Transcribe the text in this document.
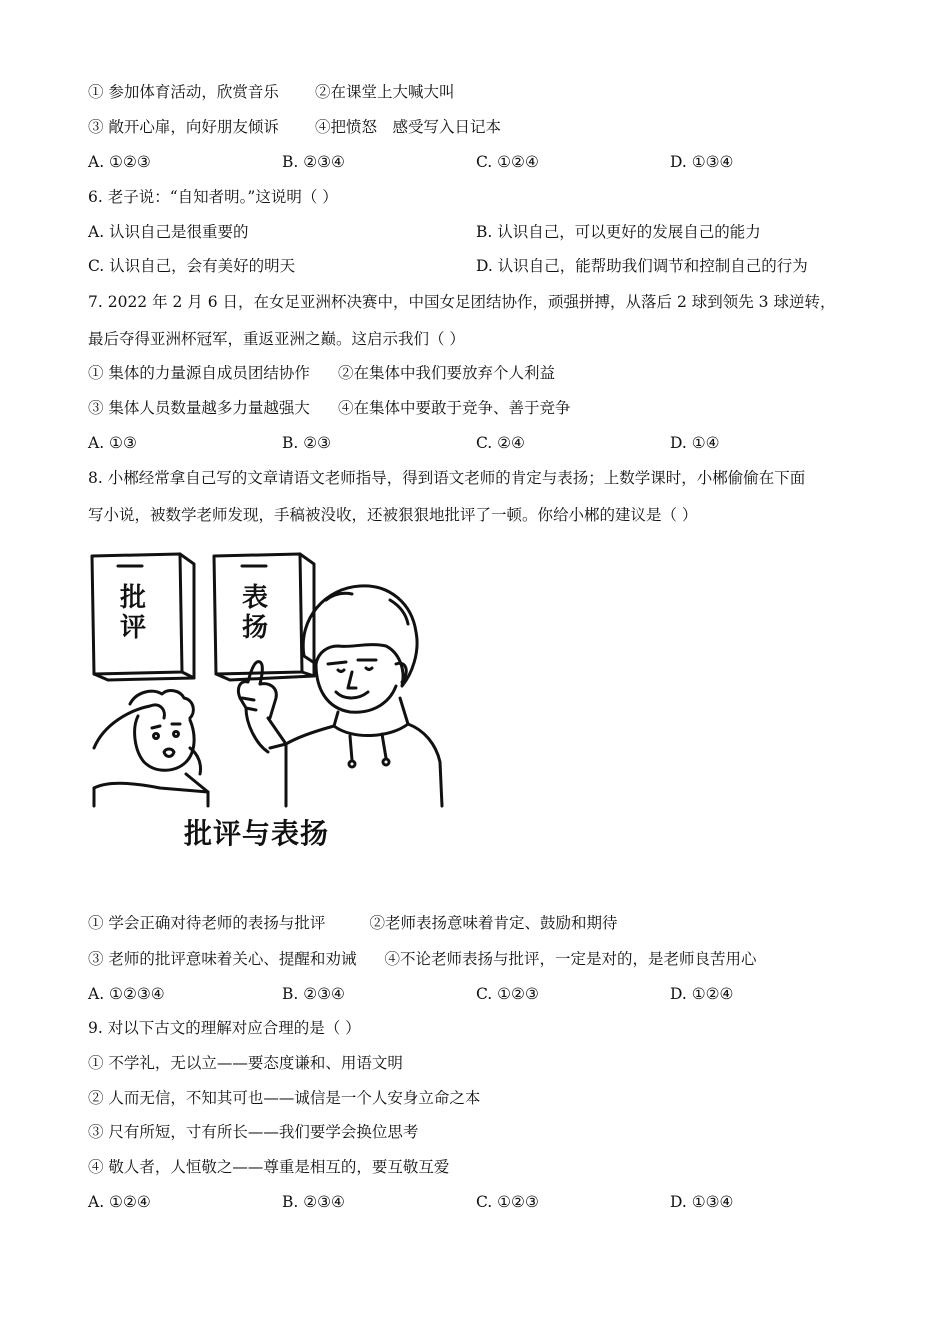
① 参加体育活动，欣赏音乐 ②在课堂上大喊大叫
③ 敞开心扉，向好朋友倾诉 ④把愤怒　感受写入日记本
A. ①②③	B. ②③④	C. ①②④	D. ①③④
6. 老子说：“自知者明。”这说明（ ）
A. 认识自己是很重要的	B. 认识自己，可以更好的发展自己的能力
C. 认识自己，会有美好的明天	D. 认识自己，能帮助我们调节和控制自己的行为
7. 2022 年 2 月 6 日，在女足亚洲杯决赛中，中国女足团结协作，顽强拼搏，从落后 2 球到领先 3 球逆转，
最后夺得亚洲杯冠军，重返亚洲之巅。这启示我们（ ）
① 集体的力量源自成员团结协作 ②在集体中我们要放弃个人利益
③ 集体人员数量越多力量越强大 ④在集体中要敢于竞争、善于竞争
A. ①③	B. ②③	C. ②④	D. ①④
8. 小郴经常拿自己写的文章请语文老师指导，得到语文老师的肯定与表扬；上数学课时，小郴偷偷在下面
写小说，被数学老师发现，手稿被没收，还被狠狠地批评了一顿。你给小郴的建议是（ ）
批
评
表
扬
批评与表扬
① 学会正确对待老师的表扬与批评	②老师表扬意味着肯定、鼓励和期待
③ 老师的批评意味着关心、提醒和劝诫 ④不论老师表扬与批评，一定是对的，是老师良苦用心
A. ①②③④	B. ②③④	C. ①②③	D. ①②④
9. 对以下古文的理解对应合理的是（ ）
① 不学礼，无以立——要态度谦和、用语文明
② 人而无信，不知其可也——诚信是一个人安身立命之本
③ 尺有所短，寸有所长——我们要学会换位思考
④ 敬人者，人恒敬之——尊重是相互的，要互敬互爱
A. ①②④	B. ②③④	C. ①②③	D. ①③④
